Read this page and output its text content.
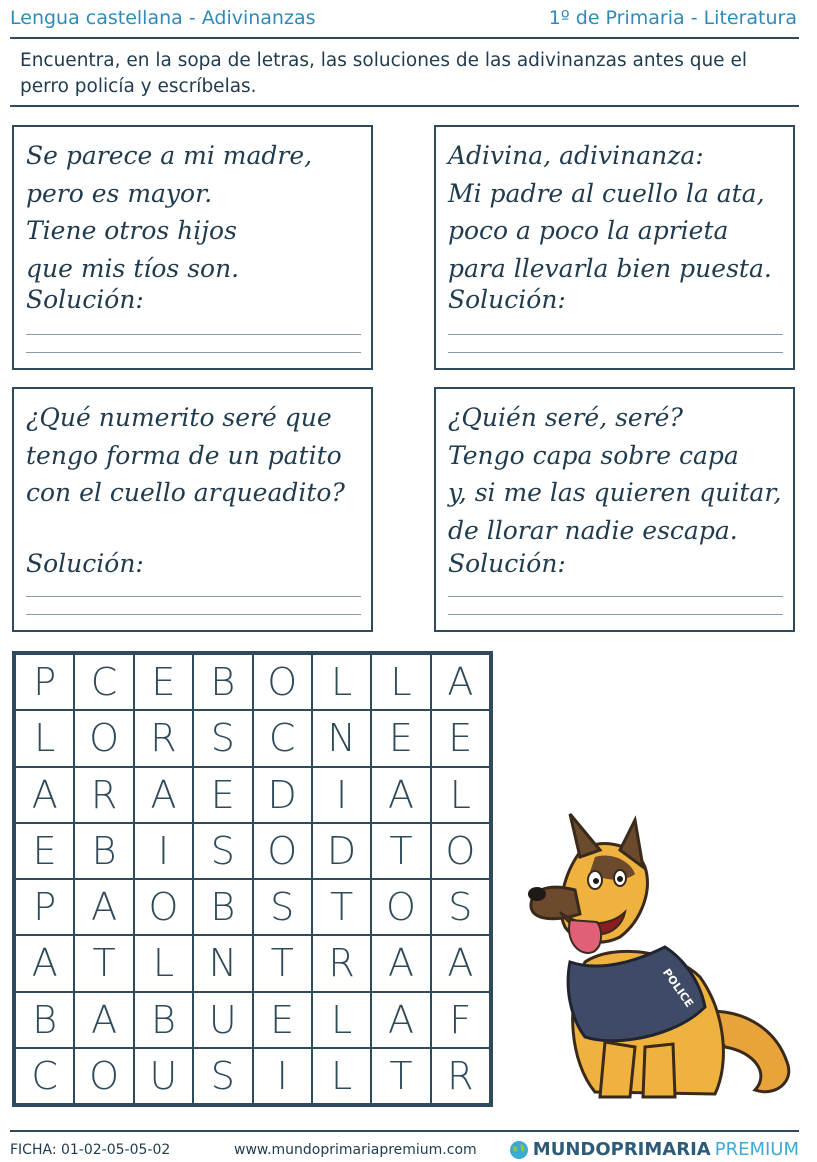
Lengua castellana - Adivinanzas	1º de Primaria - Literatura
Encuentra, en la sopa de letras, las soluciones de las adivinanzas antes que el perro policía y escríbelas.
Se parece a mi madre,
pero es mayor.
Tiene otros hijos
que mis tíos son.
Solución:
Adivina, adivinanza:
Mi padre al cuello la ata,
poco a poco la aprieta
para llevarla bien puesta.
Solución:
¿Qué numerito seré que
tengo forma de un patito
con el cuello arqueadito?
Solución:
¿Quién seré, seré?
Tengo capa sobre capa
y, si me las quieren quitar,
de llorar nadie escapa.
Solución:
P C E B O L	L A
L O R S C N E E
A R A E D	I	A L
E B	I	S O D T O
P A O B S T O S
A T L N T R A A
B A B U E L A F
C O U S	I	L T R
POLICE
FICHA: 01-02-05-05-02	www.mundoprimariapremium.com	MUNDOPRIMARIA PREMIUM
